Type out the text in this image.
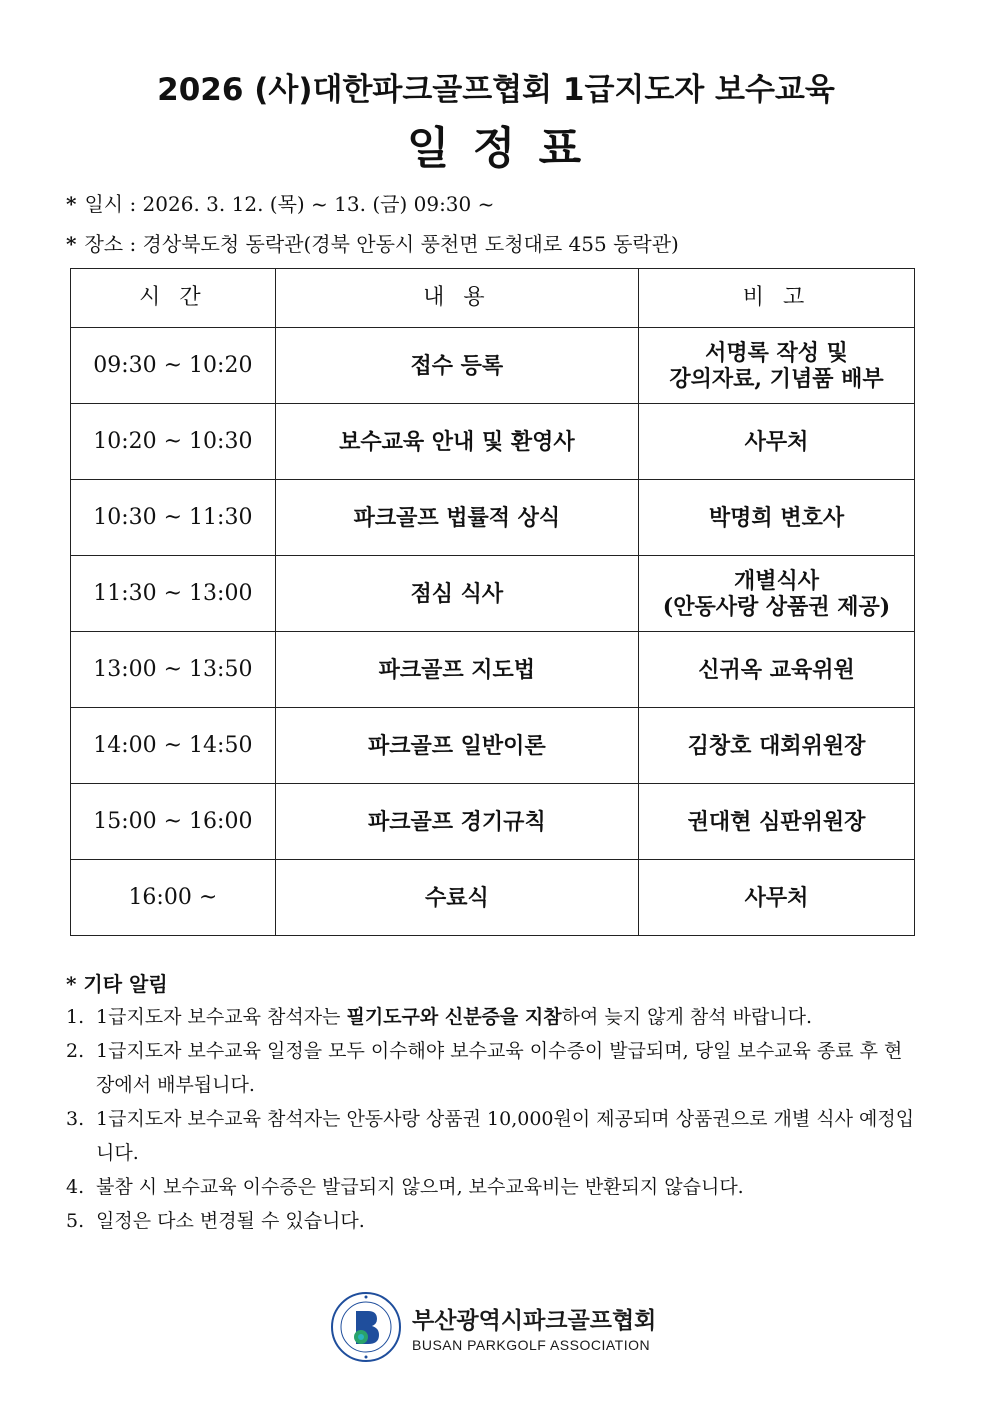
2026 (사)대한파크골프협회 1급지도자 보수교육
일 정 표
* 일시 : 2026. 3. 12. (목) ~ 13. (금) 09:30 ~
* 장소 : 경상북도청 동락관(경북 안동시 풍천면 도청대로 455 동락관)
시 간	내 용	비 고
09:30 ~ 10:20	접수 등록	서명록 작성 및
강의자료, 기념품 배부

10:20 ~ 10:30	보수교육 안내 및 환영사	사무처

10:30 ~ 11:30	파크골프 법률적 상식	박명희 변호사

11:30 ~ 13:00	점심 식사	개별식사
(안동사랑 상품권 제공)

13:00 ~ 13:50	파크골프 지도법	신귀옥 교육위원

14:00 ~ 14:50	파크골프 일반이론	김창호 대회위원장

15:00 ~ 16:00	파크골프 경기규칙	권대현 심판위원장

16:00 ~	수료식	사무처
* 기타 알림
1. 1급지도자 보수교육 참석자는 필기도구와 신분증을 지참하여 늦지 않게 참석 바랍니다.
2. 1급지도자 보수교육 일정을 모두 이수해야 보수교육 이수증이 발급되며, 당일 보수교육 종료 후 현장에서 배부됩니다.
3. 1급지도자 보수교육 참석자는 안동사랑 상품권 10,000원이 제공되며 상품권으로 개별 식사 예정입니다.
4. 불참 시 보수교육 이수증은 발급되지 않으며, 보수교육비는 반환되지 않습니다.
5. 일정은 다소 변경될 수 있습니다.
부산광역시파크골프협회
BUSAN PARKGOLF ASSOCIATION
